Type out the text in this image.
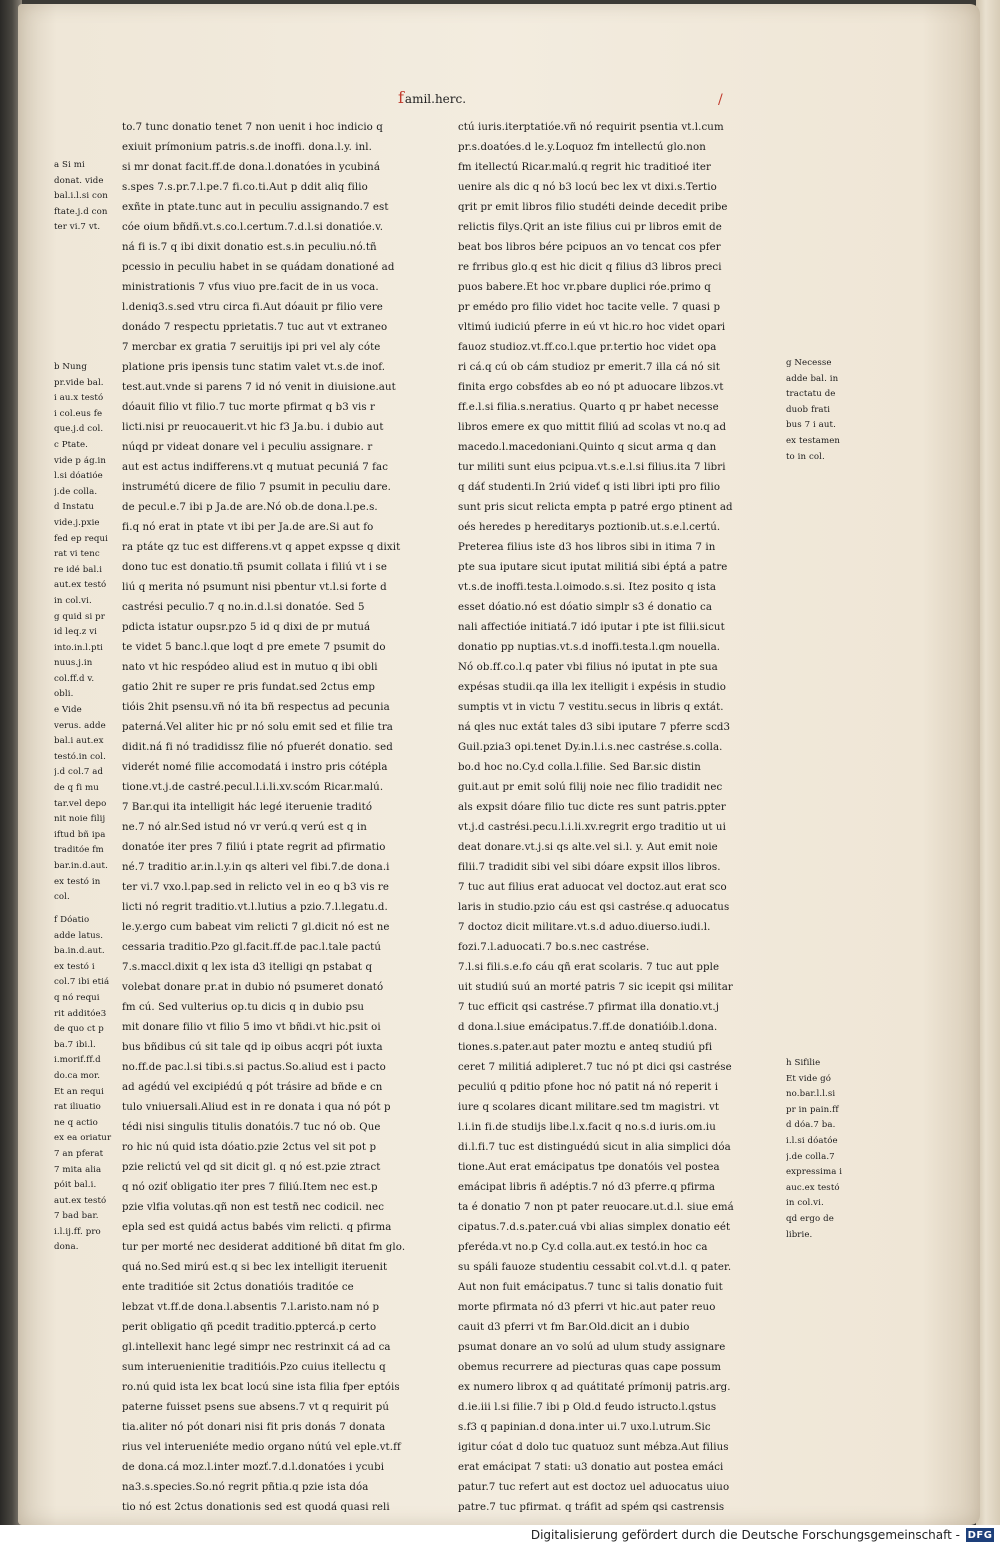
famil.herc.	/
to.7 tunc donatio tenet 7 non uenit i hoc indicio q
exiuit prímonium patris.s.de inoffi. dona.l.y. inl.
si mr donat facit.ff.de dona.l.donatóes in ycubiná
s.spes 7.s.pr.7.l.pe.7 fi.co.ti.Aut p ddit aliq filio
exñte in ptate.tunc aut in peculiu assignando.7 est
cóe oium bñdñ.vt.s.co.l.certum.7.d.l.si donatióe.v.
ná fi is.7 q ibi dixit donatio est.s.in peculiu.nó.tñ
pcessio in peculiu habet in se quádam donationé ad
ministrationis 7 vfus viuo pre.facit de in us voca.
l.deniq3.s.sed vtru circa fi.Aut dóauit pr filio vere
donádo 7 respectu pprietatis.7 tuc aut vt extraneo
7 mercbar ex gratia 7 seruitijs ipi pri vel aly cóte
platione pris ipensis tunc statim valet vt.s.de inof.
test.aut.vnde si parens 7 id nó venit in diuisione.aut
dóauit filio vt filio.7 tuc morte pfirmat q b3 vis r
licti.nisi pr reuocauerit.vt hic f3 Ja.bu. i dubio aut
núqd pr videat donare vel i peculiu assignare. r
aut est actus indifferens.vt q mutuat pecuniá 7 fac
instrumétú dicere de filio 7 psumit in peculiu dare.
de pecul.e.7 ibi p Ja.de are.Nó ob.de dona.l.pe.s.
fi.q nó erat in ptate vt ibi per Ja.de are.Si aut fo
ra ptáte qz tuc est differens.vt q appet expsse q dixit
dono tuc est donatio.tñ psumit collata i filiú vt i se
liú q merita nó psumunt nisi pbentur vt.l.si forte d
castrési peculio.7 q no.in.d.l.si donatóe. Sed 5
pdicta istatur oupsr.pzo 5 id q dixi de pr mutuá
te videt 5 banc.l.que loqt d pre emete 7 psumit do
nato vt hic respódeo aliud est in mutuo q ibi obli
gatio 2hit re super re pris fundat.sed 2ctus emp
tióis 2hit psensu.vñ nó ita bñ respectus ad pecunia
paterná.Vel aliter hic pr nó solu emit sed et filie tra
didit.ná fi nó tradidissz filie nó pfuerét donatio. sed
viderét nomé filie accomodatá i instro pris cótépla
tione.vt.j.de castré.pecul.l.i.li.xv.scóm Ricar.malú.
7 Bar.qui ita intelligit hác legé iteruenie traditó
ne.7 nó alr.Sed istud nó vr verú.q verú est q in
donatóe iter pres 7 filiú i ptate regrit ad pfirmatio
né.7 traditio ar.in.l.y.in qs alteri vel fibi.7.de dona.i
ter vi.7 vxo.l.pap.sed in relicto vel in eo q b3 vis re
licti nó regrit traditio.vt.l.lutius a pzio.7.l.legatu.d.
le.y.ergo cum babeat vim relicti 7 gl.dicit nó est ne
cessaria traditio.Pzo gl.facit.ff.de pac.l.tale pactú
7.s.maccl.dixit q lex ista d3 itelligi qn pstabat q
volebat donare pr.at in dubio nó psumeret donató
fm cú. Sed vulterius op.tu dicis q in dubio psu
mit donare filio vt filio 5 imo vt bñdi.vt hic.psit oi
bus bñdibus cú sit tale qd ip oibus acqri pót iuxta
no.ff.de pac.l.si tibi.s.si pactus.So.aliud est i pacto
ad agédú vel excipiédú q pót trásire ad bñde e cn
tulo vniuersali.Aliud est in re donata i qua nó pót p
tédi nisi singulis titulis donatóis.7 tuc nó ob. Que
ro hic nú quid ista dóatio.pzie 2ctus vel sit pot p
pzie relictú vel qd sit dicit gl. q nó est.pzie ztract
q nó oziť obligatio iter pres 7 filiú.Item nec est.p
pzie vlfia volutas.qñ non est testñ nec codicil. nec
epla sed est quidá actus babés vim relicti. q pfirma
tur per morté nec desiderat additioné bñ ditat fm glo.
quá no.Sed mirú est.q si bec lex intelligit iteruenit
ente traditióe sit 2ctus donatióis traditóe ce
lebzat vt.ff.de dona.l.absentis 7.l.aristo.nam nó p
perit obligatio qñ pcedit traditio.pptercá.p certo
gl.intellexit hanc legé simpr nec restrinxit cá ad ca
sum interuenienitie traditióis.Pzo cuius itellectu q
ro.nú quid ista lex bcat locú sine ista filia fper eptóis
paterne fuisset psens sue absens.7 vt q requirit pú
tia.aliter nó pót donari nisi fit pris donás 7 donata
rius vel interueniéte medio organo nútú vel eple.vt.ff
de dona.cá moz.l.inter mozť.7.d.l.donatóes i ycubi
na3.s.species.So.nó regrit pñtia.q pzie ista dóa
tio nó est 2ctus donationis sed est quodá quasi reli
ctú iuris.iterptatióe.vñ nó requirit psentia vt.l.cum
pr.s.doatóes.d le.y.Loquoz fm intellectú glo.non
fm itellectú Ricar.malú.q regrit hic traditioé iter
uenire als dic q nó b3 locú bec lex vt dixi.s.Tertio
qrit pr emit libros filio studéti deinde decedit pribe
relictis filys.Qrit an iste filius cui pr libros emit de
beat bos libros bére pcipuos an vo tencat cos pfer
re frribus glo.q est hic dicit q filius d3 libros preci
puos babere.Et hoc vr.pbare duplici róe.primo q
pr emédo pro filio videt hoc tacite velle. 7 quasi p
vltimú iudiciú pferre in eú vt hic.ro hoc videt opari
fauoz studioz.vt.ff.co.l.que pr.tertio hoc videt opa
ri cá.q cú ob cám studioz pr emerit.7 illa cá nó sit
finita ergo cobsfdes ab eo nó pt aduocare libzos.vt
ff.e.l.si filia.s.neratius. Quarto q pr habet necesse
libros emere ex quo mittit filiú ad scolas vt no.q ad
macedo.l.macedoniani.Quinto q sicut arma q dan
tur militi sunt eius pcipua.vt.s.e.l.si filius.ita 7 libri
q dáť studenti.In 2riú videť q isti libri ipti pro filio
sunt pris sicut relicta empta p patré ergo ptinent ad
oés heredes p hereditarys poztionib.ut.s.e.l.certú.
Preterea filius iste d3 hos libros sibi in itima 7 in
pte sua iputare sicut iputat militiá sibi éptá a patre
vt.s.de inoffi.testa.l.oimodo.s.si. Itez posito q ista
esset dóatio.nó est dóatio simplr s3 é donatio ca
nali affectióe initiatá.7 idó iputar i pte ist filii.sicut
donatio pp nuptias.vt.s.d inoffi.testa.l.qm nouella.
Nó ob.ff.co.l.q pater vbi filius nó iputat in pte sua
expésas studii.qa illa lex itelligit i expésis in studio
sumptis vt in victu 7 vestitu.secus in libris q extát.
ná qles nuc extát tales d3 sibi iputare 7 pferre scd3
Guil.pzia3 opi.tenet Dy.in.l.i.s.nec castrése.s.colla.
bo.d hoc no.Cy.d colla.l.filie. Sed Bar.sic distin
guit.aut pr emit solú filij noie nec filio tradidit nec
als expsit dóare filio tuc dicte res sunt patris.ppter
vt.j.d castrési.pecu.l.i.li.xv.regrit ergo traditio ut ui
deat donare.vt.j.si qs alte.vel si.l. y. Aut emit noie
filii.7 tradidit sibi vel sibi dóare expsit illos libros.
7 tuc aut filius erat aduocat vel doctoz.aut erat sco
laris in studio.pzio cáu est qsi castrése.q aduocatus
7 doctoz dicit militare.vt.s.d aduo.diuerso.iudi.l.
fozi.7.l.aduocati.7 bo.s.nec castrése.
7.l.si fili.s.e.fo cáu qñ erat scolaris. 7 tuc aut pple
uit studiú suú an morté patris 7 sic icepit qsi militar
7 tuc efficit qsi castrése.7 pfirmat illa donatio.vt.j
d dona.l.siue emácipatus.7.ff.de donatióib.l.dona.
tiones.s.pater.aut pater moztu e anteq studiú pfi
ceret 7 militiá adipleret.7 tuc nó pt dici qsi castrése
peculiú q pditio pfone hoc nó patit ná nó reperit i
iure q scolares dicant militare.sed tm magistri. vt
l.i.in fi.de studijs libe.l.x.facit q no.s.d iuris.om.iu
di.l.fi.7 tuc est distinguédú sicut in alia simplici dóa
tione.Aut erat emácipatus tpe donatóis vel postea
emácipat libris ñ adéptis.7 nó d3 pferre.q pfirma
ta é donatio 7 non pt pater reuocare.ut.d.l. siue emá
cipatus.7.d.s.pater.cuá vbi alias simplex donatio eét
pferéda.vt no.p Cy.d colla.aut.ex testó.in hoc ca
su spáli fauoze studentiu cessabit col.vt.d.l. q pater.
Aut non fuit emácipatus.7 tunc si talis donatio fuit
morte pfirmata nó d3 pferri vt hic.aut pater reuo
cauit d3 pferri vt fm Bar.Old.dicit an i dubio
psumat donare an vo solú ad ulum study assignare
obemus recurrere ad piecturas quas cape possum
ex numero librox q ad quátitaté prímonij patris.arg.
d.ie.iii l.si filie.7 ibi p Old.d feudo istructo.l.qstus
s.f3 q papinian.d dona.inter ui.7 uxo.l.utrum.Sic
igitur cóat d dolo tuc quatuoz sunt mébza.Aut filius
erat emácipat 7 stati: u3 donatio aut postea emáci
patur.7 tuc refert aut est doctoz uel aduocatus uiuo
patre.7 tuc pfirmat. q tráfit ad spém qsi castrensis
a Si mi
donat. vide
bal.i.l.si con
ftate.j.d con
ter vi.7 vt.
b Nung
pr.vide bal.
i au.x testó
i col.eus fe
que.j.d col.
c Ptate.
vide p ág.in
l.si dóatióe
j.de colla.
d Instatu
vide.j.pxie
fed ep requi
rat vi tenc
re idé bal.i
aut.ex testó
in col.vi.
g quid si pr
id leq.z vi
into.in.l.pti
nuus.j.in
col.ff.d v.
obli.
e Vide
verus. adde
bal.i aut.ex
testó.in col.
j.d col.7 ad
de q fi mu
tar.vel depo
nit noie filij
iftud bñ ipa
traditóe fm
bar.in.d.aut.
ex testó in
col.
f Dóatio
adde latus.
ba.in.d.aut.
ex testó i
col.7 ibi etiá
q nó requi
rit additóe3
de quo ct p
ba.7 ibi.l.
i.morif.ff.d
do.ca mor.
Et an requi
rat iliuatio
ne q actio
ex ea oriatur
7 an pferat
7 mita alia
póit bal.i.
aut.ex testó
7 bad bar.
i.l.ij.ff. pro
dona.
g Necesse
adde bal. in
tractatu de
duob frati
bus 7 i aut.
ex testamen
to in col.
h Sifilie
Et vide gó
no.bar.l.l.si
pr in pain.ff
d dóa.7 ba.
i.l.si dóatóe
j.de colla.7
expressima i
auc.ex testó
in col.vi.
qd ergo de
librie.
Digitalisierung gefördert durch die Deutsche Forschungsgemeinschaft - DFG
